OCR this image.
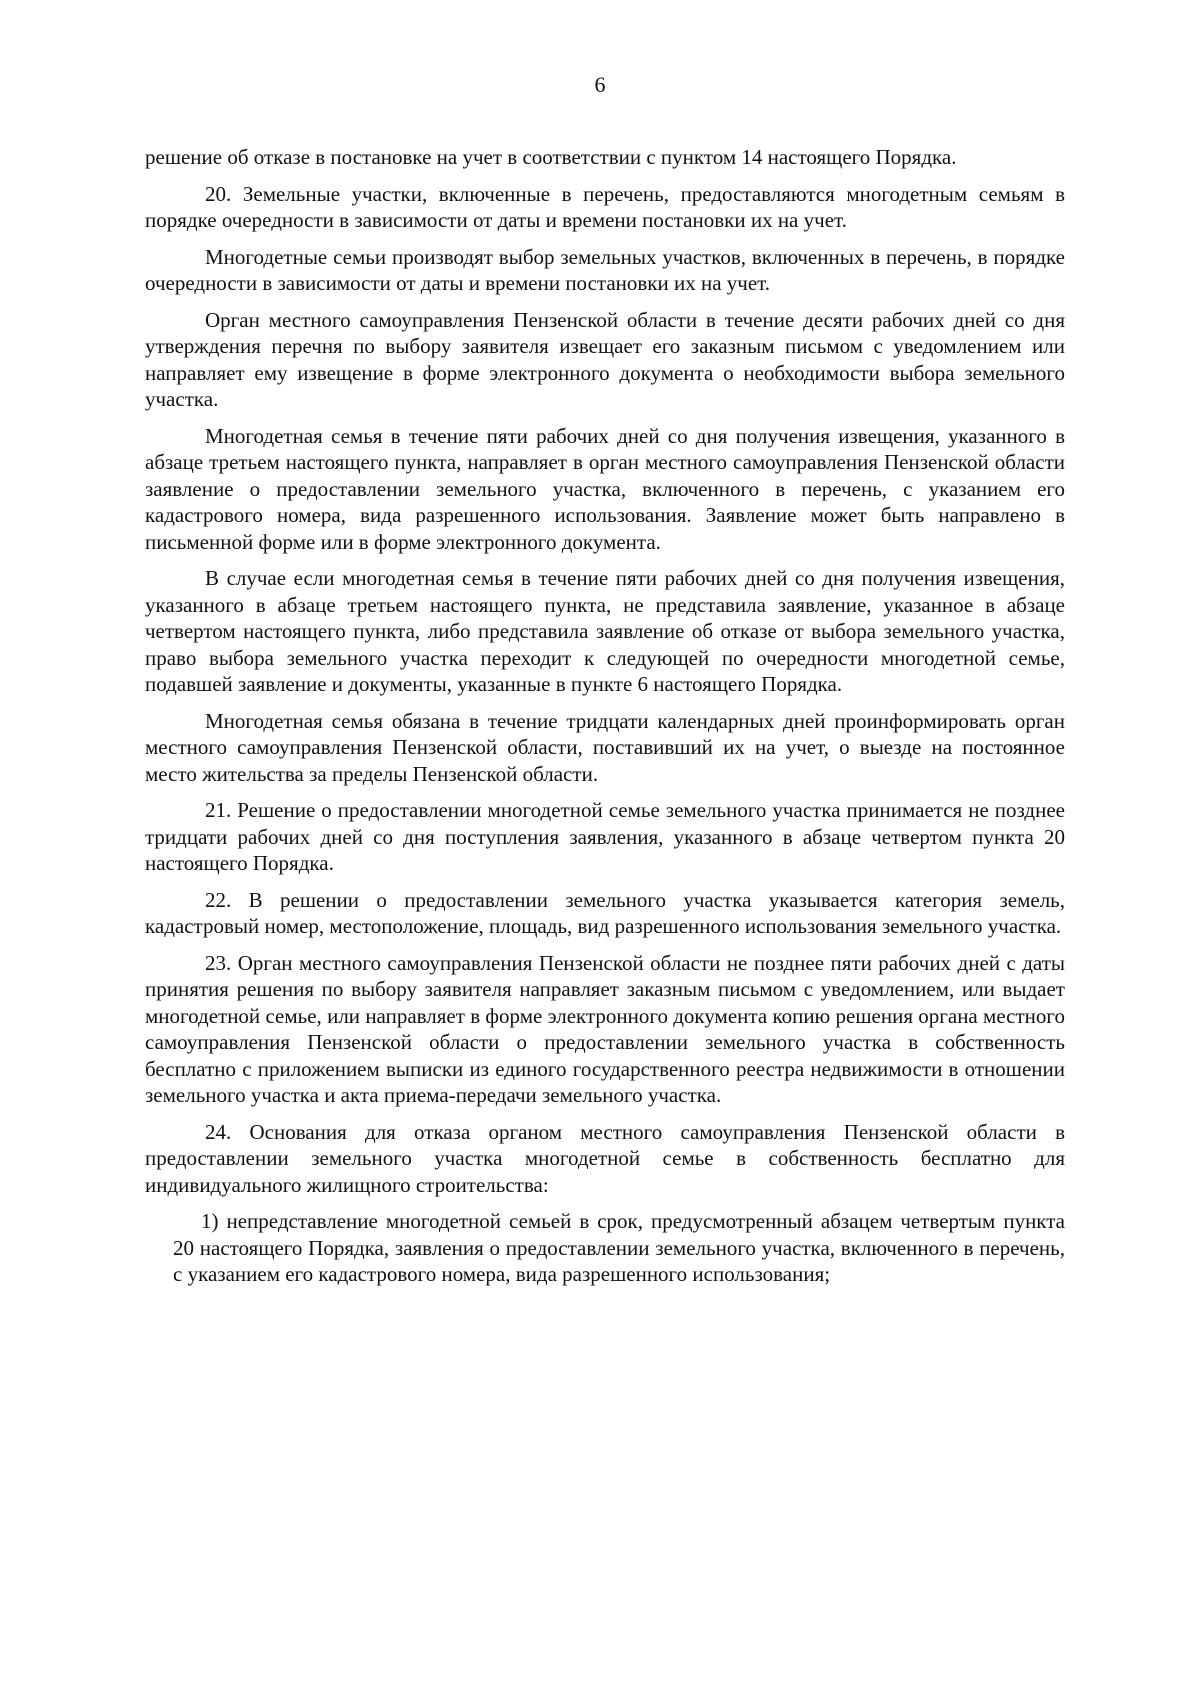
6

решение об отказе в постановке на учет в соответствии с пунктом 14 настоящего Порядка.

20. Земельные участки, включенные в перечень, предоставляются многодетным семьям в порядке очередности в зависимости от даты и времени постановки их на учет.

Многодетные семьи производят выбор земельных участков, включенных в перечень, в порядке очередности в зависимости от даты и времени постановки их на учет.

Орган местного самоуправления Пензенской области в течение десяти рабочих дней со дня утверждения перечня по выбору заявителя извещает его заказным письмом с уведомлением или направляет ему извещение в форме электронного документа о необходимости выбора земельного участка.

Многодетная семья в течение пяти рабочих дней со дня получения извещения, указанного в абзаце третьем настоящего пункта, направляет в орган местного самоуправления Пензенской области заявление о предоставлении земельного участка, включенного в перечень, с указанием его кадастрового номера, вида разрешенного использования. Заявление может быть направлено в письменной форме или в форме электронного документа.

В случае если многодетная семья в течение пяти рабочих дней со дня получения извещения, указанного в абзаце третьем настоящего пункта, не представила заявление, указанное в абзаце четвертом настоящего пункта, либо представила заявление об отказе от выбора земельного участка, право выбора земельного участка переходит к следующей по очередности многодетной семье, подавшей заявление и документы, указанные в пункте 6 настоящего Порядка.

Многодетная семья обязана в течение тридцати календарных дней проинформировать орган местного самоуправления Пензенской области, поставивший их на учет, о выезде на постоянное место жительства за пределы Пензенской области.

21. Решение о предоставлении многодетной семье земельного участка принимается не позднее тридцати рабочих дней со дня поступления заявления, указанного в абзаце четвертом пункта 20 настоящего Порядка.

22. В решении о предоставлении земельного участка указывается категория земель, кадастровый номер, местоположение, площадь, вид разрешенного использования земельного участка.

23. Орган местного самоуправления Пензенской области не позднее пяти рабочих дней с даты принятия решения по выбору заявителя направляет заказным письмом с уведомлением, или выдает многодетной семье, или направляет в форме электронного документа копию решения органа местного самоуправления Пензенской области о предоставлении земельного участка в собственность бесплатно с приложением выписки из единого государственного реестра недвижимости в отношении земельного участка и акта приема-передачи земельного участка.

24. Основания для отказа органом местного самоуправления Пензенской области в предоставлении земельного участка многодетной семье в собственность бесплатно для индивидуального жилищного строительства:

1) непредставление многодетной семьей в срок, предусмотренный абзацем четвертым пункта 20 настоящего Порядка, заявления о предоставлении земельного участка, включенного в перечень, с указанием его кадастрового номера, вида разрешенного использования;
